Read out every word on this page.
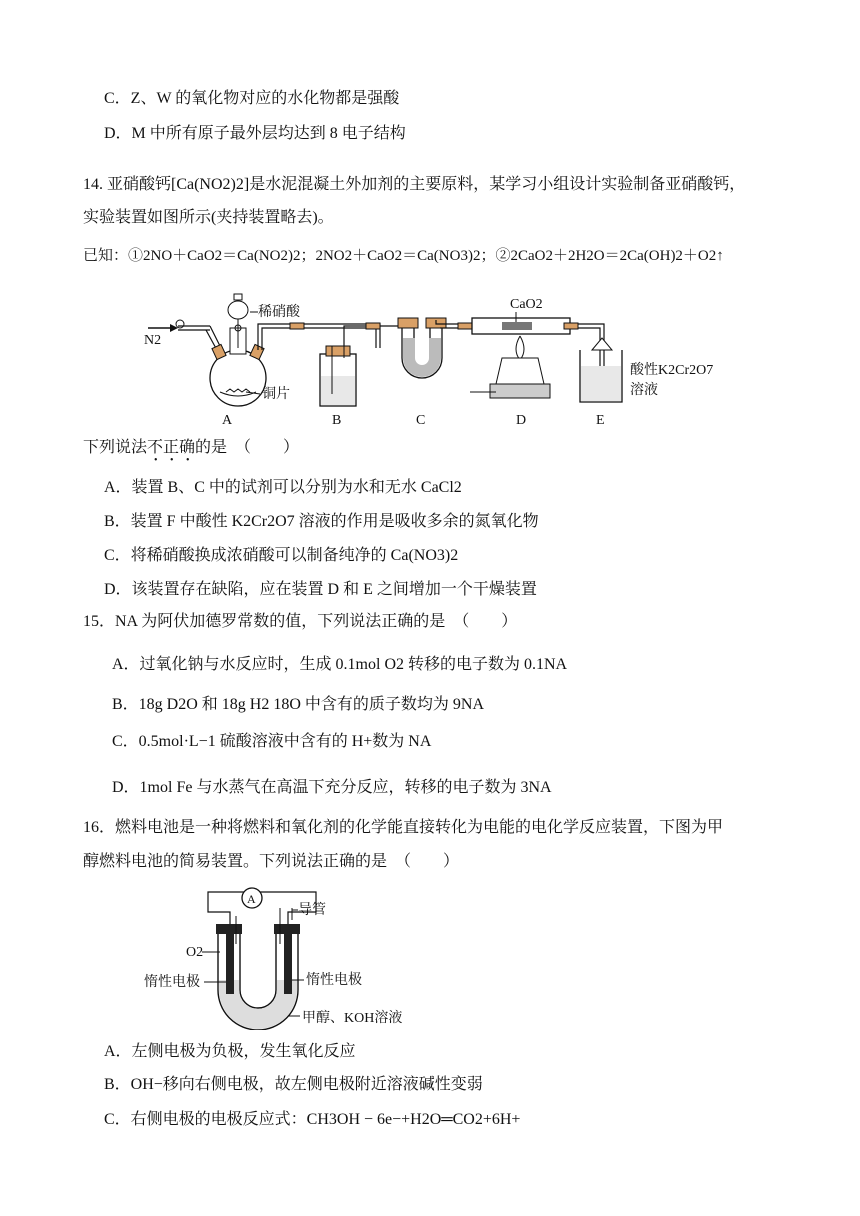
C．Z、W 的氧化物对应的水化物都是强酸
D．M 中所有原子最外层均达到 8 电子结构
14. 亚硝酸钙[Ca(NO2)2]是水泥混凝土外加剂的主要原料，某学习小组设计实验制备亚硝酸钙，
实验装置如图所示(夹持装置略去)。
已知：①2NO＋CaO2＝Ca(NO2)2；2NO2＋CaO2＝Ca(NO3)2；②2CaO2＋2H2O＝2Ca(OH)2＋O2↑
N2
稀硝酸
铜片
CaO2
酸性K2Cr2O7
溶液
A	B	C	D	E
下列说法不正确的是　（　　）
• • •
A．装置 B、C 中的试剂可以分别为水和无水 CaCl2
B．装置 F 中酸性 K2Cr2O7 溶液的作用是吸收多余的氮氧化物
C．将稀硝酸换成浓硝酸可以制备纯净的 Ca(NO3)2
D．该装置存在缺陷，应在装置 D 和 E 之间增加一个干燥装置
15．NA 为阿伏加德罗常数的值，下列说法正确的是　（　　）
A．过氧化钠与水反应时，生成 0.1mol O2 转移的电子数为 0.1NA
B．18g D2O 和 18g H2 18O 中含有的质子数均为 9NA
C．0.5mol·L−1 硫酸溶液中含有的 H+数为 NA
D．1mol Fe 与水蒸气在高温下充分反应，转移的电子数为 3NA
16．燃料电池是一种将燃料和氧化剂的化学能直接转化为电能的电化学反应装置，下图为甲
醇燃料电池的简易装置。下列说法正确的是　（　　）
A
导管
O2
惰性电极	惰性电极
甲醇、KOH溶液
A．左侧电极为负极，发生氧化反应
B．OH−移向右侧电极，故左侧电极附近溶液碱性变弱
C．右侧电极的电极反应式：CH3OH − 6e−+H2O═CO2+6H+
